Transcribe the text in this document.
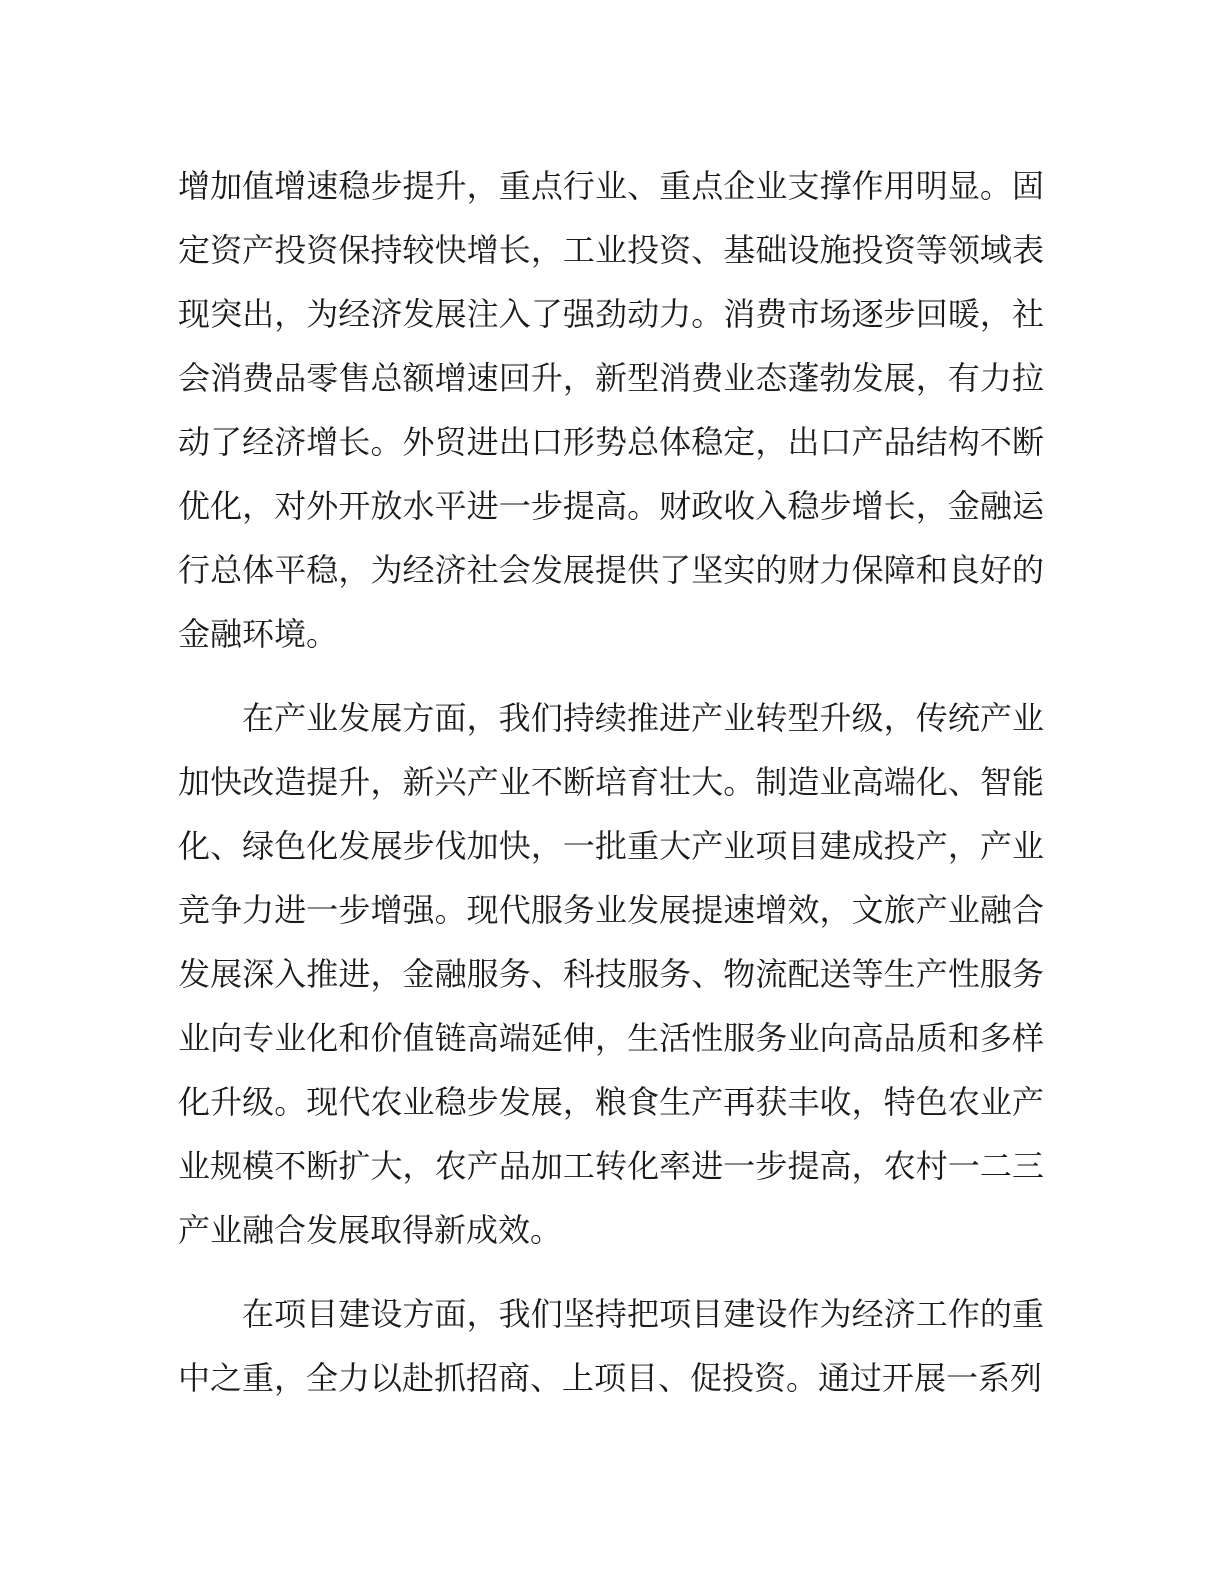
增加值增速稳步提升，重点行业、重点企业支撑作用明显。固定资产投资保持较快增长，工业投资、基础设施投资等领域表现突出，为经济发展注入了强劲动力。消费市场逐步回暖，社会消费品零售总额增速回升，新型消费业态蓬勃发展，有力拉动了经济增长。外贸进出口形势总体稳定，出口产品结构不断优化，对外开放水平进一步提高。财政收入稳步增长，金融运行总体平稳，为经济社会发展提供了坚实的财力保障和良好的金融环境。

在产业发展方面，我们持续推进产业转型升级，传统产业加快改造提升，新兴产业不断培育壮大。制造业高端化、智能化、绿色化发展步伐加快，一批重大产业项目建成投产，产业竞争力进一步增强。现代服务业发展提速增效，文旅产业融合发展深入推进，金融服务、科技服务、物流配送等生产性服务业向专业化和价值链高端延伸，生活性服务业向高品质和多样化升级。现代农业稳步发展，粮食生产再获丰收，特色农业产业规模不断扩大，农产品加工转化率进一步提高，农村一二三产业融合发展取得新成效。

在项目建设方面，我们坚持把项目建设作为经济工作的重中之重，全力以赴抓招商、上项目、促投资。通过开展一系列
